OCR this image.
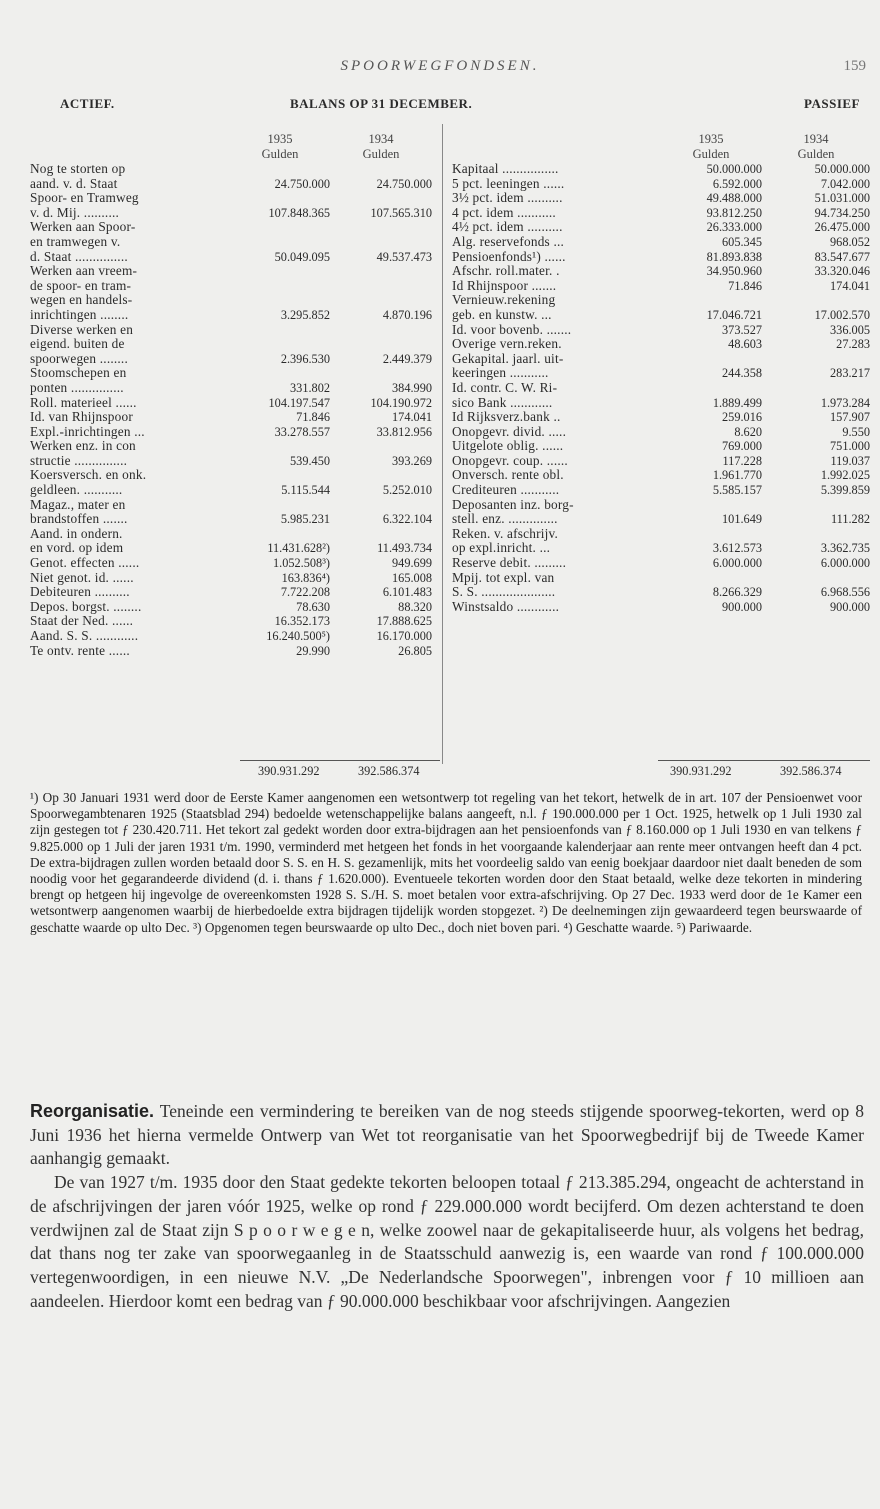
SPOORWEGFONDSEN.	159
ACTIEF.	BALANS OP 31 DECEMBER.	PASSIEF
1935
Gulden
1934
Gulden
Nog te storten op
aand. v. d. Staat	24.750.000	24.750.000
Spoor- en Tramweg
v. d. Mij. ..........	107.848.365	107.565.310
Werken aan Spoor-
en tramwegen v.
d. Staat ...............	50.049.095	49.537.473
Werken aan vreem-
de spoor- en tram-
wegen en handels-
inrichtingen ........	3.295.852	4.870.196
Diverse werken en
eigend. buiten de
spoorwegen ........	2.396.530	2.449.379
Stoomschepen en
ponten ...............	331.802	384.990
Roll. materieel ......	104.197.547	104.190.972
Id. van Rhijnspoor	71.846	174.041
Expl.-inrichtingen ...	33.278.557	33.812.956
Werken enz. in con
structie ...............	539.450	393.269
Koersversch. en onk.
geldleen. ...........	5.115.544	5.252.010
Magaz., mater en
brandstoffen .......	5.985.231	6.322.104
Aand. in ondern.
en vord. op idem	11.431.628²)	11.493.734
Genot. effecten ......	1.052.508³)	949.699
Niet genot. id. ......	163.836⁴)	165.008
Debiteuren ..........	7.722.208	6.101.483
Depos. borgst. ........	78.630	88.320
Staat der Ned. ......	16.352.173	17.888.625
Aand. S. S. ............	16.240.500⁵)	16.170.000
Te ontv. rente ......	29.990	26.805
1935
Gulden
1934
Gulden
Kapitaal ................	50.000.000	50.000.000
5 pct. leeningen ......	6.592.000	7.042.000
3½ pct. idem ..........	49.488.000	51.031.000
4 pct. idem ...........	93.812.250	94.734.250
4½ pct. idem ..........	26.333.000	26.475.000
Alg. reservefonds ...	605.345	968.052
Pensioenfonds¹) ......	81.893.838	83.547.677
Afschr. roll.mater. .	34.950.960	33.320.046
Id Rhijnspoor .......	71.846	174.041
Vernieuw.rekening
geb. en kunstw. ...	17.046.721	17.002.570
Id. voor bovenb. .......	373.527	336.005
Overige vern.reken.	48.603	27.283
Gekapital. jaarl. uit-
keeringen ...........	244.358	283.217
Id. contr. C. W. Ri-
sico Bank ............	1.889.499	1.973.284
Id Rijksverz.bank ..	259.016	157.907
Onopgevr. divid. .....	8.620	9.550
Uitgelote oblig. ......	769.000	751.000
Onopgevr. coup. ......	117.228	119.037
Onversch. rente obl.	1.961.770	1.992.025
Crediteuren ...........	5.585.157	5.399.859
Deposanten inz. borg-
stell. enz. ..............	101.649	111.282
Reken. v. afschrijv.
op expl.inricht. ...	3.612.573	3.362.735
Reserve debit. .........	6.000.000	6.000.000
Mpij. tot expl. van
S. S. .....................	8.266.329	6.968.556
Winstsaldo ............	900.000	900.000
390.931.292	392.586.374	390.931.292	392.586.374
¹) Op 30 Januari 1931 werd door de Eerste Kamer aangenomen een wetsontwerp tot regeling van het tekort, hetwelk de in art. 107 der Pensioenwet voor Spoorwegambtenaren 1925 (Staatsblad 294) bedoelde wetenschappelijke balans aangeeft, n.l. ƒ 190.000.000 per 1 Oct. 1925, hetwelk op 1 Juli 1930 zal zijn gestegen tot ƒ 230.420.711. Het tekort zal gedekt worden door extra-bijdragen aan het pensioenfonds van ƒ 8.160.000 op 1 Juli 1930 en van telkens ƒ 9.825.000 op 1 Juli der jaren 1931 t/m. 1990, verminderd met hetgeen het fonds in het voorgaande kalenderjaar aan rente meer ontvangen heeft dan 4 pct. De extra-bijdragen zullen worden betaald door S. S. en H. S. gezamenlijk, mits het voordeelig saldo van eenig boekjaar daardoor niet daalt beneden de som noodig voor het gegarandeerde dividend (d. i. thans ƒ 1.620.000). Eventueele tekorten worden door den Staat betaald, welke deze tekorten in mindering brengt op hetgeen hij ingevolge de overeenkomsten 1928 S. S./H. S. moet betalen voor extra-afschrijving. Op 27 Dec. 1933 werd door de 1e Kamer een wetsontwerp aangenomen waarbij de hierbedoelde extra bijdragen tijdelijk worden stopgezet. ²) De deelnemingen zijn gewaardeerd tegen beurswaarde of geschatte waarde op ulto Dec. ³) Opgenomen tegen beurswaarde op ulto Dec., doch niet boven pari. ⁴) Geschatte waarde. ⁵) Pariwaarde.

Reorganisatie. Teneinde een vermindering te bereiken van de nog steeds stijgende spoorweg-tekorten, werd op 8 Juni 1936 het hierna vermelde Ontwerp van Wet tot reorganisatie van het Spoorwegbedrijf bij de Tweede Kamer aanhangig gemaakt.

De van 1927 t/m. 1935 door den Staat gedekte tekorten beloopen totaal ƒ 213.385.294, ongeacht de achterstand in de afschrijvingen der jaren vóór 1925, welke op rond ƒ 229.000.000 wordt becijferd. Om dezen achterstand te doen verdwijnen zal de Staat zijn S p o o r w e g e n, welke zoowel naar de gekapitaliseerde huur, als volgens het bedrag, dat thans nog ter zake van spoorwegaanleg in de Staatsschuld aanwezig is, een waarde van rond ƒ 100.000.000 vertegenwoordigen, in een nieuwe N.V. „De Nederlandsche Spoorwegen", inbrengen voor ƒ 10 millioen aan aandeelen. Hierdoor komt een bedrag van ƒ 90.000.000 beschikbaar voor afschrijvingen. Aangezien
